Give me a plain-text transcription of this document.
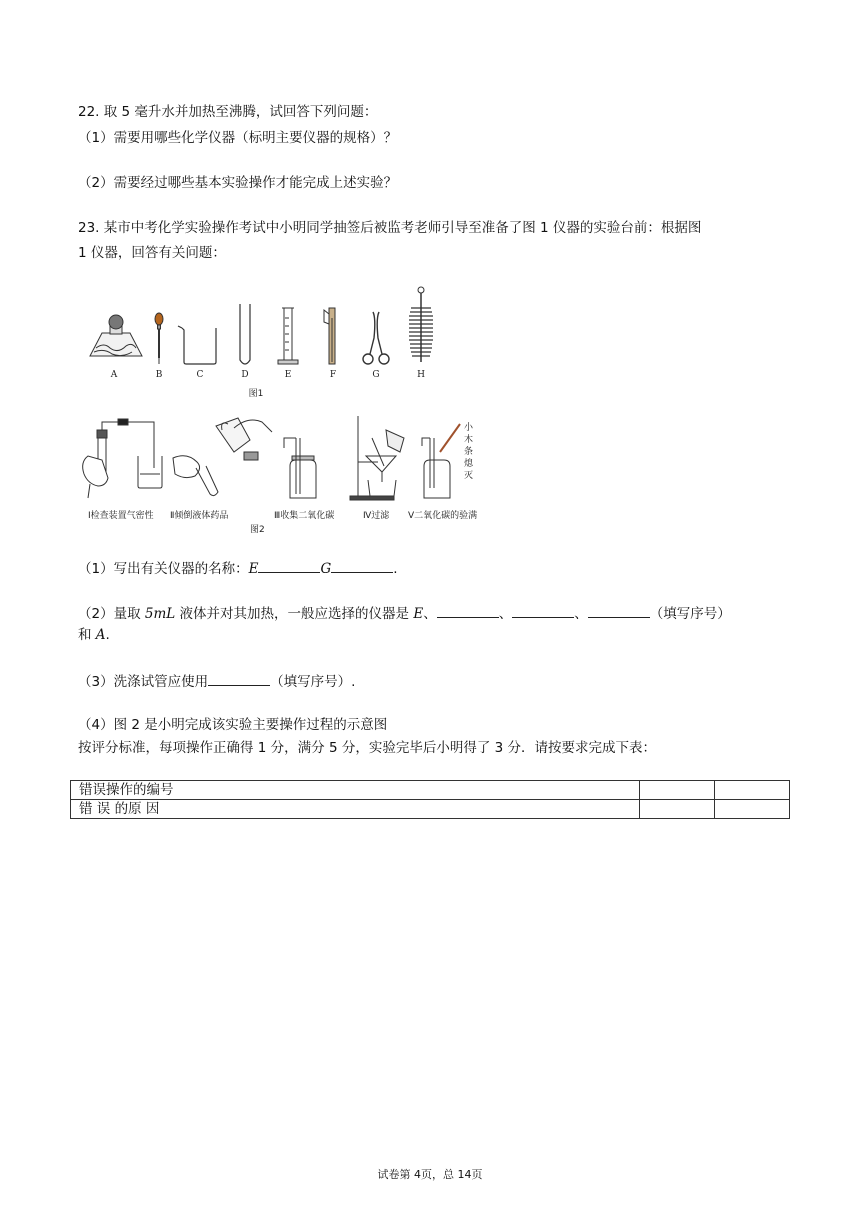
22. 取 5 毫升水并加热至沸腾，试回答下列问题：
（1）需要用哪些化学仪器（标明主要仪器的规格）？
（2）需要经过哪些基本实验操作才能完成上述实验？
23. 某市中考化学实验操作考试中小明同学抽签后被监考老师引导至准备了图 1 仪器的实验台前：根据图
1 仪器，回答有关问题：
A	B	C	D	E	F	G	H
图1
小
木
条
熄
灭
Ⅰ检查装置气密性 Ⅱ倾倒液体药品	Ⅲ收集二氧化碳	Ⅳ过滤 Ⅴ二氧化碳的验满
图2
（1）写出有关仪器的名称：E	G	.
（2）量取 5mL 液体并对其加热，一般应选择的仪器是 E、	、	、	（填写序号）
和 A.
（3）洗涤试管应使用	（填写序号）.
（4）图 2 是小明完成该实验主要操作过程的示意图
按评分标准，每项操作正确得 1 分，满分 5 分，实验完毕后小明得了 3 分．请按要求完成下表：
错误操作的编号		
错 误 的原 因		
试卷第 4页，总 14页
